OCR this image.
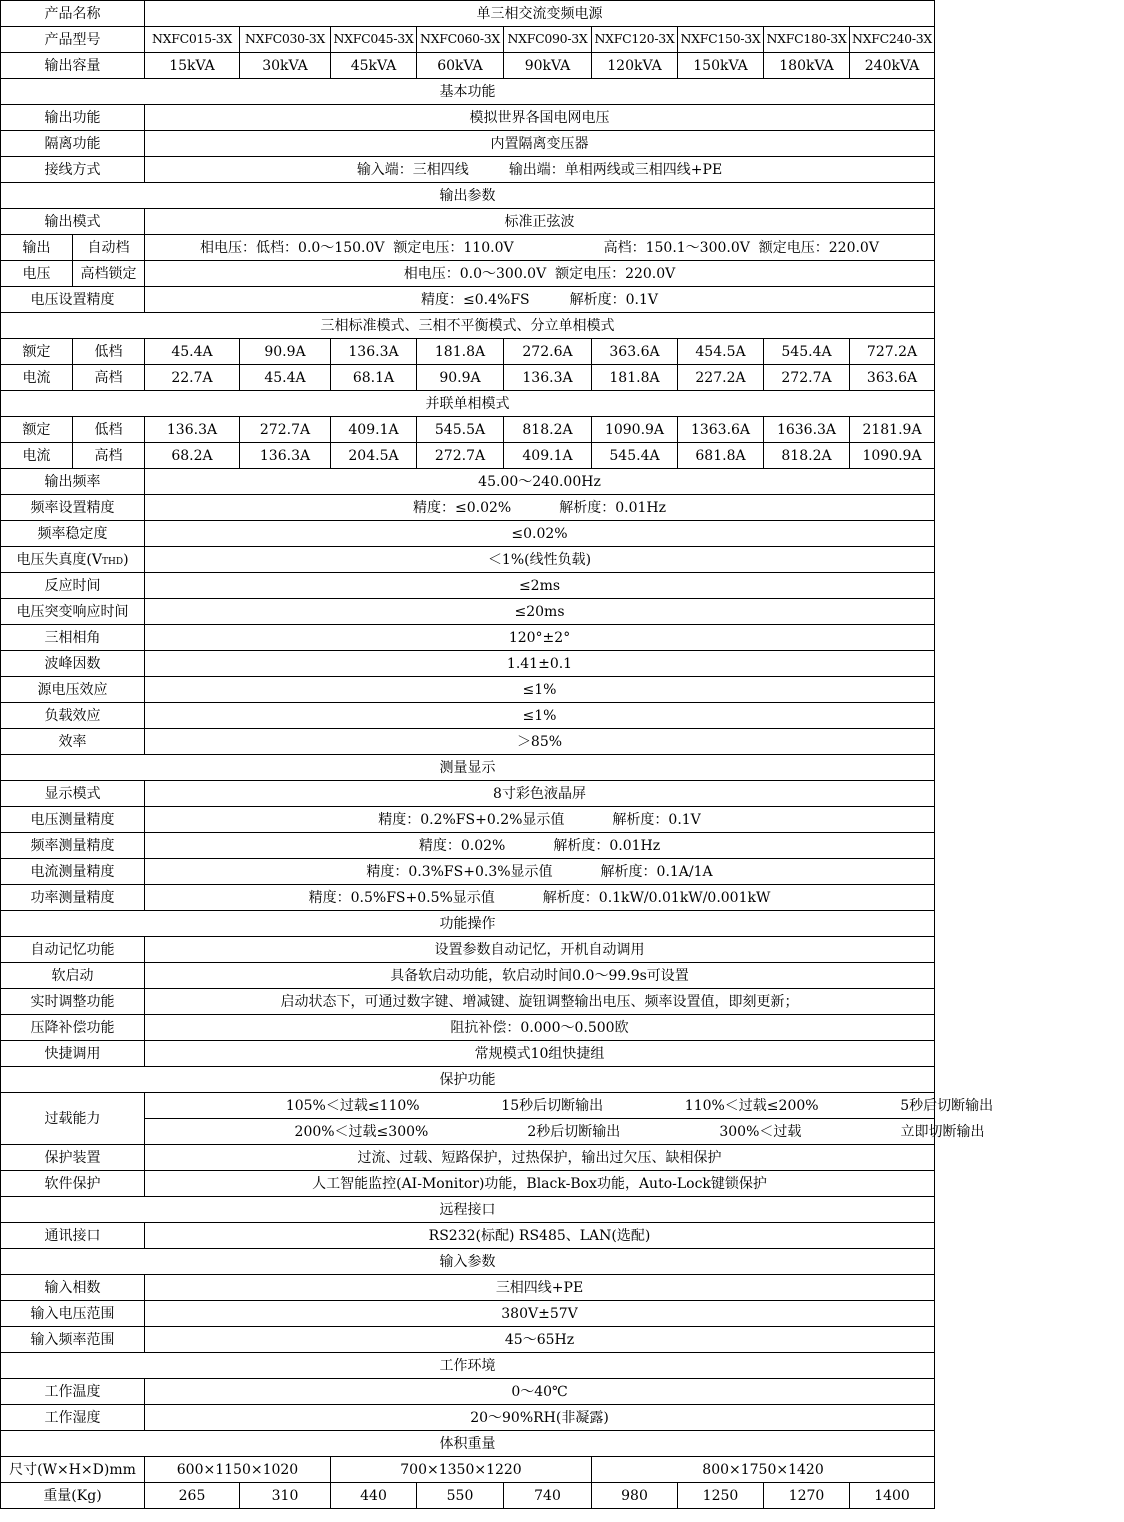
产品名称		单三相交流变频电源								
产品型号		NXFC015-3X	NXFC030-3X	NXFC045-3X	NXFC060-3X	NXFC090-3X	NXFC120-3X	NXFC150-3X	NXFC180-3X	NXFC240-3X
输出容量		15kVA	30kVA	45kVA	60kVA	90kVA	120kVA	150kVA	180kVA	240kVA
基本功能										
输出功能		模拟世界各国电网电压								
隔离功能		内置隔离变压器								
接线方式		输入端：三相四线 输出端：单相两线或三相四线+PE								
输出参数										
输出模式		标准正弦波								
输出	自动档	相电压：低档：0.0～150.0V  额定电压：110.0V 高档：150.1～300.0V  额定电压：220.0V								
电压	高档锁定	相电压：0.0～300.0V  额定电压：220.0V								
电压设置精度		精度：≤0.4%FS 解析度：0.1V								
三相标准模式、三相不平衡模式、分立单相模式										
额定	低档	45.4A	90.9A	136.3A	181.8A	272.6A	363.6A	454.5A	545.4A	727.2A
电流	高档	22.7A	45.4A	68.1A	90.9A	136.3A	181.8A	227.2A	272.7A	363.6A
并联单相模式										
额定	低档	136.3A	272.7A	409.1A	545.5A	818.2A	1090.9A	1363.6A	1636.3A	2181.9A
电流	高档	68.2A	136.3A	204.5A	272.7A	409.1A	545.4A	681.8A	818.2A	1090.9A
输出频率		45.00～240.00Hz								
频率设置精度		精度：≤0.02% 解析度：0.01Hz								
频率稳定度		≤0.02%								
电压失真度(VTHD)		＜1%(线性负载)								
反应时间		≤2ms								
电压突变响应时间		≤20ms								
三相相角		120°±2°								
波峰因数		1.41±0.1								
源电压效应		≤1%								
负载效应		≤1%								
效率		＞85%								
测量显示										
显示模式		8寸彩色液晶屏								
电压测量精度		精度：0.2%FS+0.2%显示值 解析度：0.1V								
频率测量精度		精度：0.02% 解析度：0.01Hz								
电流测量精度		精度：0.3%FS+0.3%显示值 解析度：0.1A/1A								
功率测量精度		精度：0.5%FS+0.5%显示值 解析度：0.1kW/0.01kW/0.001kW								
功能操作										
自动记忆功能		设置参数自动记忆，开机自动调用								
软启动		具备软启动功能，软启动时间0.0～99.9s可设置								
实时调整功能		启动状态下，可通过数字键、增减键、旋钮调整输出电压、频率设置值，即刻更新；								
压降补偿功能		阻抗补偿：0.000～0.500欧								
快捷调用		常规模式10组快捷组								
保护功能										
过载能力		105%＜过载≤110% 15秒后切断输出 110%＜过载≤200% 5秒后切断输出								

		200%＜过载≤300% 2秒后切断输出 300%＜过载 立即切断输出								

保护装置		过流、过载、短路保护，过热保护，输出过欠压、缺相保护								
软件保护		人工智能监控(AI-Monitor)功能，Black-Box功能，Auto-Lock键锁保护								
远程接口										
通讯接口		RS232(标配) RS485、LAN(选配)								
输入参数										
输入相数		三相四线+PE								
输入电压范围		380V±57V								
输入频率范围		45～65Hz								
工作环境										
工作温度		0～40℃								
工作湿度		20～90%RH(非凝露)								
体积重量										
尺寸(W×H×D)mm		600×1150×1020		700×1350×1220			800×1750×1420			
重量(Kg)		265	310	440	550	740	980	1250	1270	1400
